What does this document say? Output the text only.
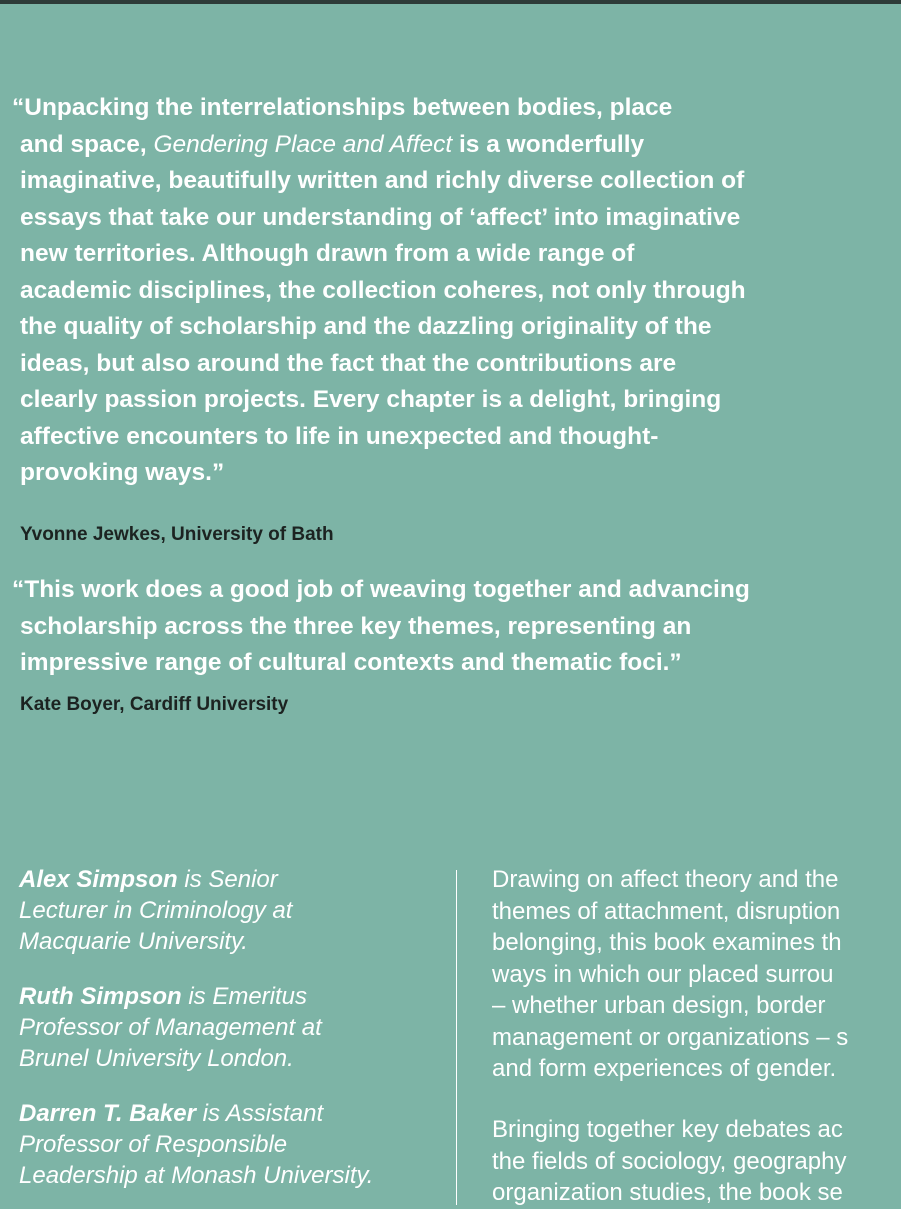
“Unpacking the interrelationships between bodies, place
and space, Gendering Place and Affect is a wonderfully
imaginative, beautifully written and richly diverse collection of
essays that take our understanding of ‘affect’ into imaginative
new territories. Although drawn from a wide range of
academic disciplines, the collection coheres, not only through
the quality of scholarship and the dazzling originality of the
ideas, but also around the fact that the contributions are
clearly passion projects. Every chapter is a delight, bringing
affective encounters to life in unexpected and thought-
provoking ways.”
Yvonne Jewkes, University of Bath
“This work does a good job of weaving together and advancing
scholarship across the three key themes, representing an
impressive range of cultural contexts and thematic foci.”
Kate Boyer, Cardiff University
Alex Simpson is Senior
Lecturer in Criminology at
Macquarie University.
Ruth Simpson is Emeritus
Professor of Management at
Brunel University London.
Darren T. Baker is Assistant
Professor of Responsible
Leadership at Monash University.
Drawing on affect theory and the
themes of attachment, disruption
belonging, this book examines th
ways in which our placed surrou
– whether urban design, border
management or organizations – s
and form experiences of gender.
Bringing together key debates ac
the fields of sociology, geography
organization studies, the book se
